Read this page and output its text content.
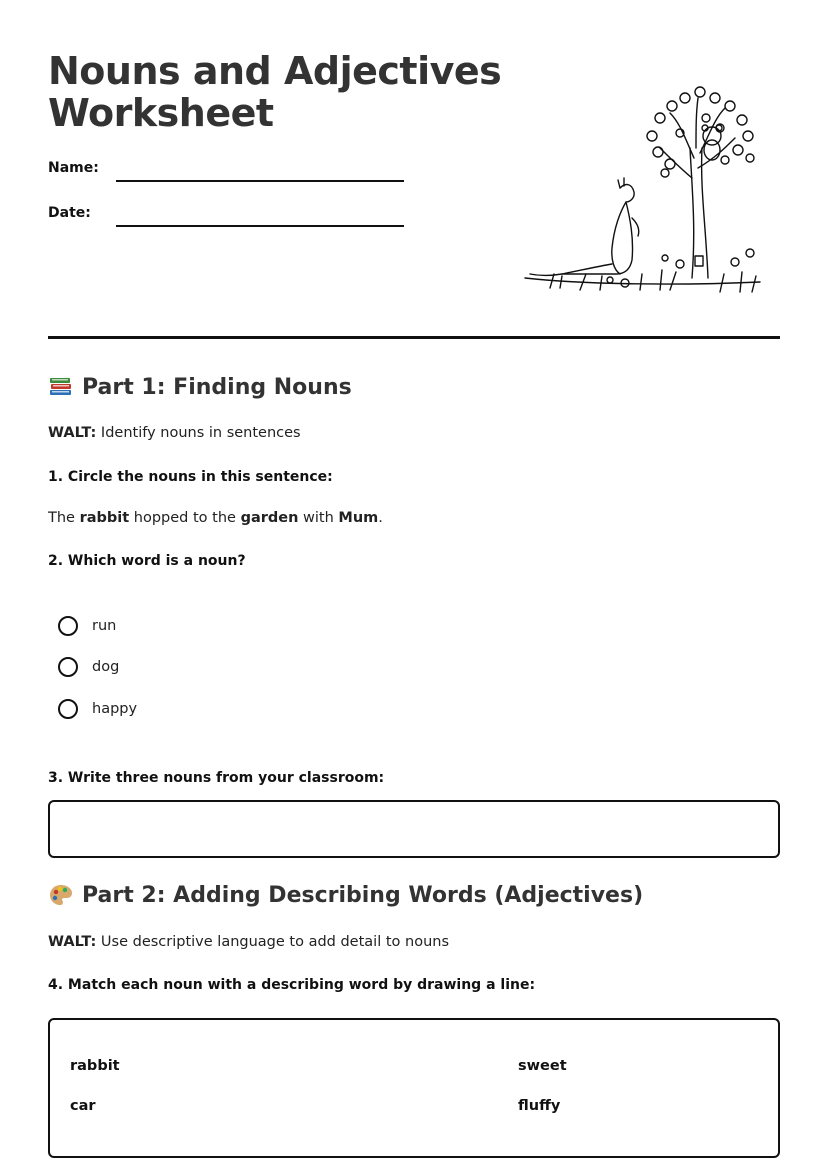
Nouns and Adjectives Worksheet
Name:
Date:
Part 1: Finding Nouns
WALT: Identify nouns in sentences
1. Circle the nouns in this sentence:
The rabbit hopped to the garden with Mum.
2. Which word is a noun?
run
dog
happy
3. Write three nouns from your classroom:
Part 2: Adding Describing Words (Adjectives)
WALT: Use descriptive language to add detail to nouns
4. Match each noun with a describing word by drawing a line:
rabbit	sweet
car	fluffy
